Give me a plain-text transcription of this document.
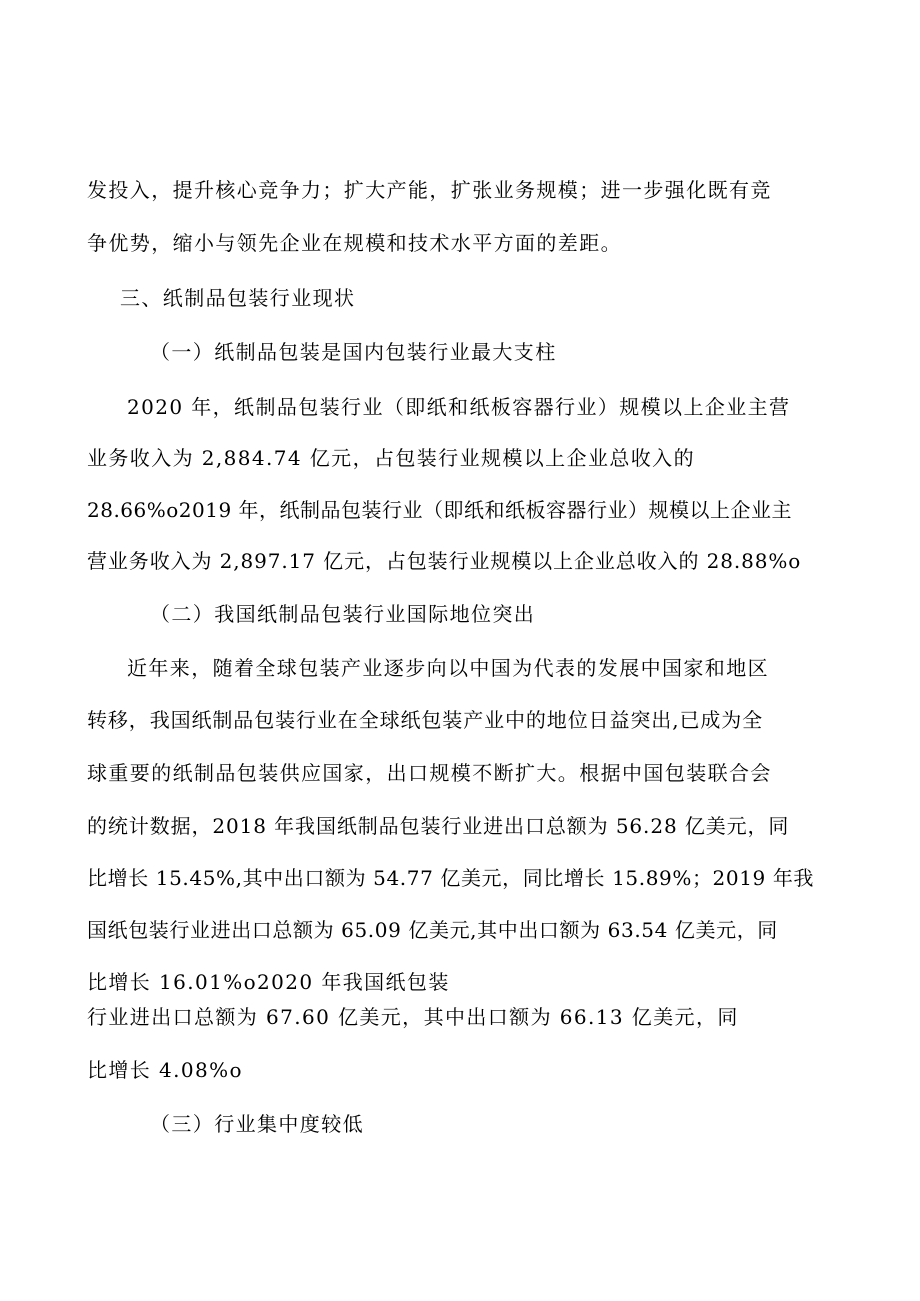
发投入，提升核心竞争力；扩大产能，扩张业务规模；进一步强化既有竞
争优势，缩小与领先企业在规模和技术水平方面的差距。
三、纸制品包装行业现状
（一）纸制品包装是国内包装行业最大支柱
2020 年，纸制品包装行业（即纸和纸板容器行业）规模以上企业主营
业务收入为 2,884.74 亿元，占包装行业规模以上企业总收入的
28.66%o2019 年，纸制品包装行业（即纸和纸板容器行业）规模以上企业主
营业务收入为 2,897.17 亿元，占包装行业规模以上企业总收入的 28.88%o
（二）我国纸制品包装行业国际地位突出
近年来，随着全球包装产业逐步向以中国为代表的发展中国家和地区
转移，我国纸制品包装行业在全球纸包装产业中的地位日益突出,已成为全
球重要的纸制品包装供应国家，出口规模不断扩大。根据中国包装联合会
的统计数据，2018 年我国纸制品包装行业进出口总额为 56.28 亿美元，同
比增长 15.45%,其中出口额为 54.77 亿美元，同比增长 15.89%；2019 年我
国纸包装行业进出口总额为 65.09 亿美元,其中出口额为 63.54 亿美元，同
比增长 16.01%o2020 年我国纸包装
行业进出口总额为 67.60 亿美元，其中出口额为 66.13 亿美元，同
比增长 4.08%o
（三）行业集中度较低
